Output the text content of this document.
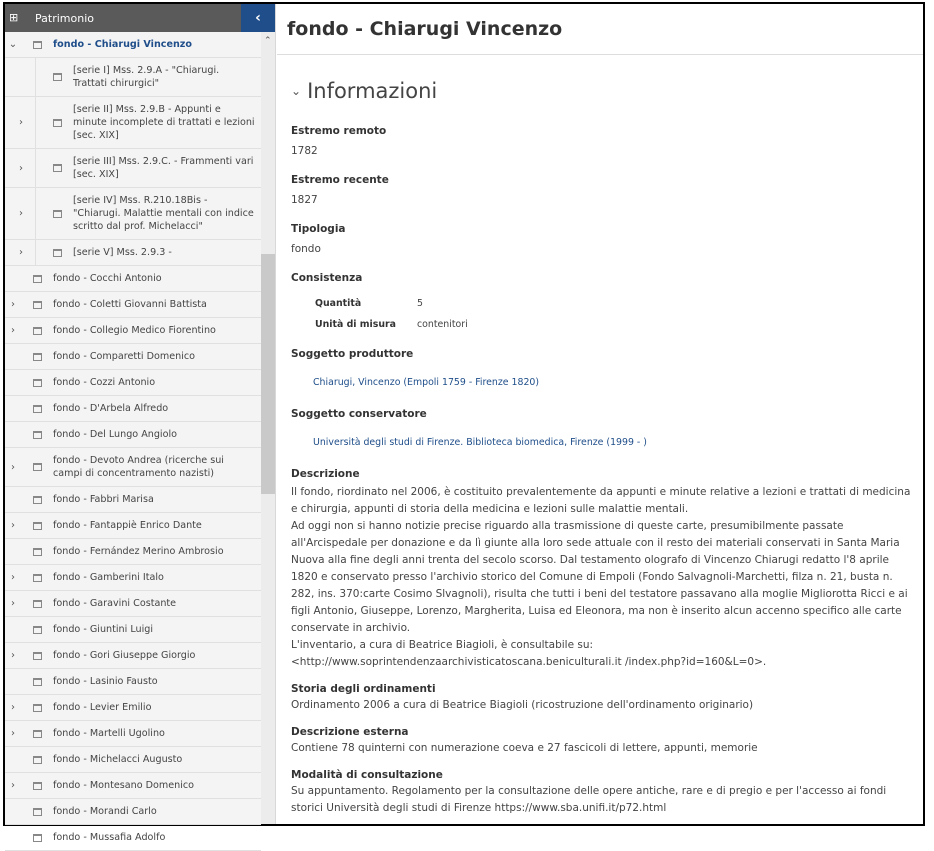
⊞ Patrimonio	‹
⌄	fondo - Chiarugi Vincenzo
[serie I] Mss. 2.9.A - "Chiarugi. Trattati chirurgici"
›
[serie II] Mss. 2.9.B - Appunti e minute incomplete di trattati e lezioni [sec. XIX]
›
[serie III] Mss. 2.9.C. - Frammenti vari [sec. XIX]
›
[serie IV] Mss. R.210.18Bis - "Chiarugi. Malattie mentali con indice scritto dal prof. Michelacci"
›	[serie V] Mss. 2.9.3 -
fondo - Cocchi Antonio
›	fondo - Coletti Giovanni Battista
›	fondo - Collegio Medico Fiorentino
fondo - Comparetti Domenico
fondo - Cozzi Antonio
fondo - D'Arbela Alfredo
fondo - Del Lungo Angiolo
›
fondo - Devoto Andrea (ricerche sui campi di concentramento nazisti)
fondo - Fabbri Marisa
›	fondo - Fantappiè Enrico Dante
fondo - Fernández Merino Ambrosio
›	fondo - Gamberini Italo
›	fondo - Garavini Costante
fondo - Giuntini Luigi
›	fondo - Gori Giuseppe Giorgio
fondo - Lasinio Fausto
›	fondo - Levier Emilio
›	fondo - Martelli Ugolino
fondo - Michelacci Augusto
›	fondo - Montesano Domenico
fondo - Morandi Carlo
fondo - Mussafia Adolfo
⌃
fondo - Chiarugi Vincenzo
⌄ Informazioni
Estremo remoto
1782
Estremo recente
1827
Tipologia
fondo
Consistenza
Quantità	5
Unità di misura	contenitori
Soggetto produttore
Chiarugi, Vincenzo (Empoli 1759 - Firenze 1820)
Soggetto conservatore
Università degli studi di Firenze. Biblioteca biomedica, Firenze (1999 - )
Descrizione

Il fondo, riordinato nel 2006, è costituito prevalentemente da appunti e minute relative a lezioni e trattati di medicina e chirurgia, appunti di storia della medicina e lezioni sulle malattie mentali.

Ad oggi non si hanno notizie precise riguardo alla trasmissione di queste carte, presumibilmente passate all'Arcispedale per donazione e da lì giunte alla loro sede attuale con il resto dei materiali conservati in Santa Maria Nuova alla fine degli anni trenta del secolo scorso. Dal testamento olografo di Vincenzo Chiarugi redatto l'8 aprile 1820 e conservato presso l'archivio storico del Comune di Empoli (Fondo Salvagnoli-Marchetti, filza n. 21, busta n. 282, ins. 370:carte Cosimo Slvagnoli), risulta che tutti i beni del testatore passavano alla moglie Migliorotta Ricci e ai figli Antonio, Giuseppe, Lorenzo, Margherita, Luisa ed Eleonora, ma non è inserito alcun accenno specifico alle carte conservate in archivio.

L'inventario, a cura di Beatrice Biagioli, è consultabile su: <http://www.soprintendenzaarchivisticatoscana.beniculturali.it /index.php?id=160&L=0>.

Storia degli ordinamenti
Ordinamento 2006 a cura di Beatrice Biagioli (ricostruzione dell'ordinamento originario)
Descrizione esterna
Contiene 78 quinterni con numerazione coeva e 27 fascicoli di lettere, appunti, memorie
Modalità di consultazione
Su appuntamento. Regolamento per la consultazione delle opere antiche, rare e di pregio e per l'accesso ai fondi storici Università degli studi di Firenze https://www.sba.unifi.it/p72.html
